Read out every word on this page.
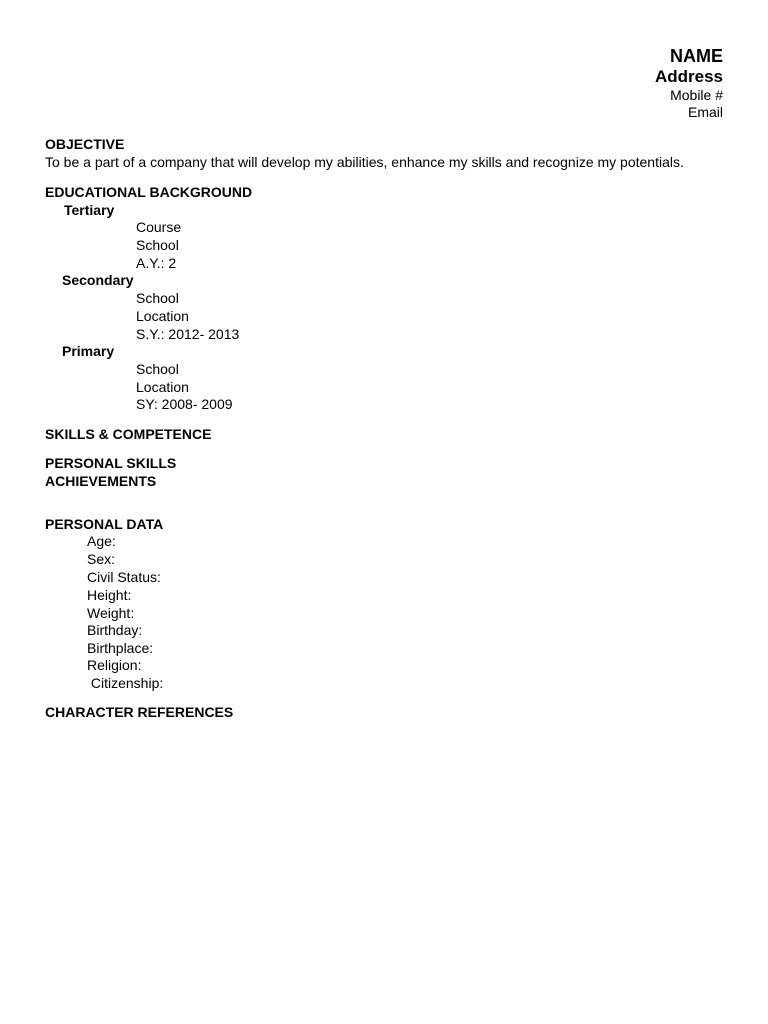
NAME
Address
Mobile #
Email
OBJECTIVE
To be a part of a company that will develop my abilities, enhance my skills and recognize my potentials.
EDUCATIONAL BACKGROUND
Tertiary
Course
School
A.Y.: 2
Secondary
School
Location
S.Y.: 2012- 2013
Primary
School
Location
SY: 2008- 2009
SKILLS & COMPETENCE
PERSONAL SKILLS
ACHIEVEMENTS
PERSONAL DATA
Age:
Sex:
Civil Status:
Height:
Weight:
Birthday:
Birthplace:
Religion:
Citizenship:
CHARACTER REFERENCES
